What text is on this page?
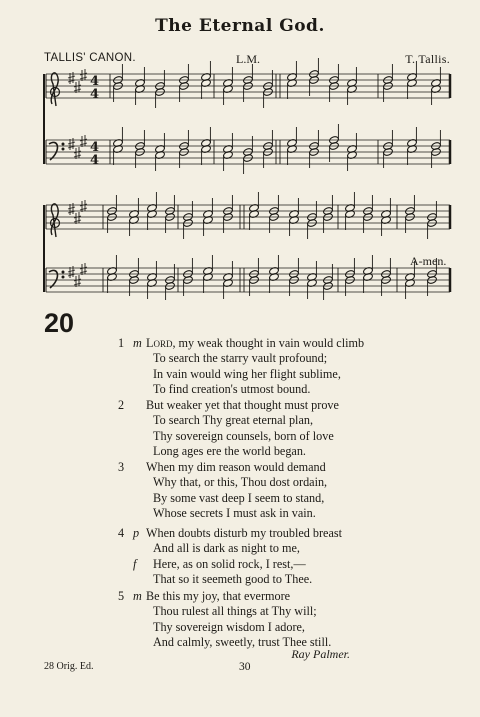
The Eternal God.
TALLIS' CANON.	L.M.	T. Tallis.
4
4
4
4
A-men.
20
1 m Lord, my weak thought in vain would climb
To search the starry vault profound;
In vain would wing her flight sublime,
To find creation's utmost bound.
2	But weaker yet that thought must prove
To search Thy great eternal plan,
Thy sovereign counsels, born of love
Long ages ere the world began.
3	When my dim reason would demand
Why that, or this, Thou dost ordain,
By some vast deep I seem to stand,
Whose secrets I must ask in vain.
4 p When doubts disturb my troubled breast
And all is dark as night to me,
f Here, as on solid rock, I rest,—
That so it seemeth good to Thee.
5 m Be this my joy, that evermore
Thou rulest all things at Thy will;
Thy sovereign wisdom I adore,
And calmly, sweetly, trust Thee still.
Ray Palmer.
28 Orig. Ed.	30
